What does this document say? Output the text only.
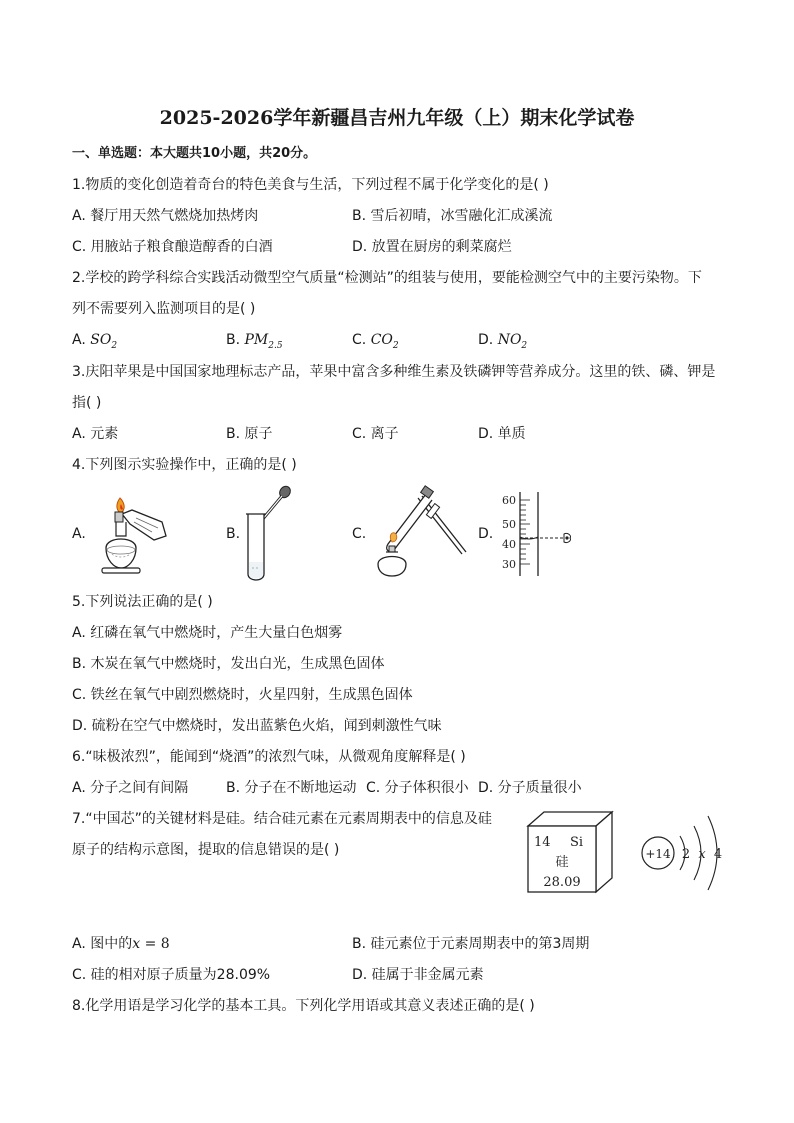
2025-2026学年新疆昌吉州九年级（上）期末化学试卷
一、单选题：本大题共10小题，共20分。
1.物质的变化创造着奇台的特色美食与生活，下列过程不属于化学变化的是( )
A. 餐厅用天然气燃烧加热烤肉	B. 雪后初晴，冰雪融化汇成溪流
C. 用腋站子粮食酿造醇香的白酒	D. 放置在厨房的剩菜腐烂
2.学校的跨学科综合实践活动微型空气质量“检测站”的组装与使用，要能检测空气中的主要污染物。下
列不需要列入监测项目的是( )
A. $SO_2$	B. $PM_{2.5}$	C. $CO_2$	D. $NO_2$
3.庆阳苹果是中国国家地理标志产品，苹果中富含多种维生素及铁磷钾等营养成分。这里的铁、磷、钾是
指( )
A. 元素	B. 原子	C. 离子	D. 单质
4.下列图示实验操作中，正确的是( )
A.	B.	C.	D.
60
50
40
30
5.下列说法正确的是( )
A. 红磷在氧气中燃烧时，产生大量白色烟雾
B. 木炭在氧气中燃烧时，发出白光，生成黑色固体
C. 铁丝在氧气中剧烈燃烧时，火星四射，生成黑色固体
D. 硫粉在空气中燃烧时，发出蓝紫色火焰，闻到刺激性气味
6.“味极浓烈”，能闻到“烧酒”的浓烈气味，从微观角度解释是( )
A. 分子之间有间隔	B. 分子在不断地运动 C. 分子体积很小 D. 分子质量很小
7.“中国芯”的关键材料是硅。结合硅元素在元素周期表中的信息及硅
原子的结构示意图，提取的信息错误的是( )	14 Si
硅
28.09
+14 2 x 4
A. 图中的x = 8	B. 硅元素位于元素周期表中的第3周期
C. 硅的相对原子质量为28.09%	D. 硅属于非金属元素
8.化学用语是学习化学的基本工具。下列化学用语或其意义表述正确的是( )
